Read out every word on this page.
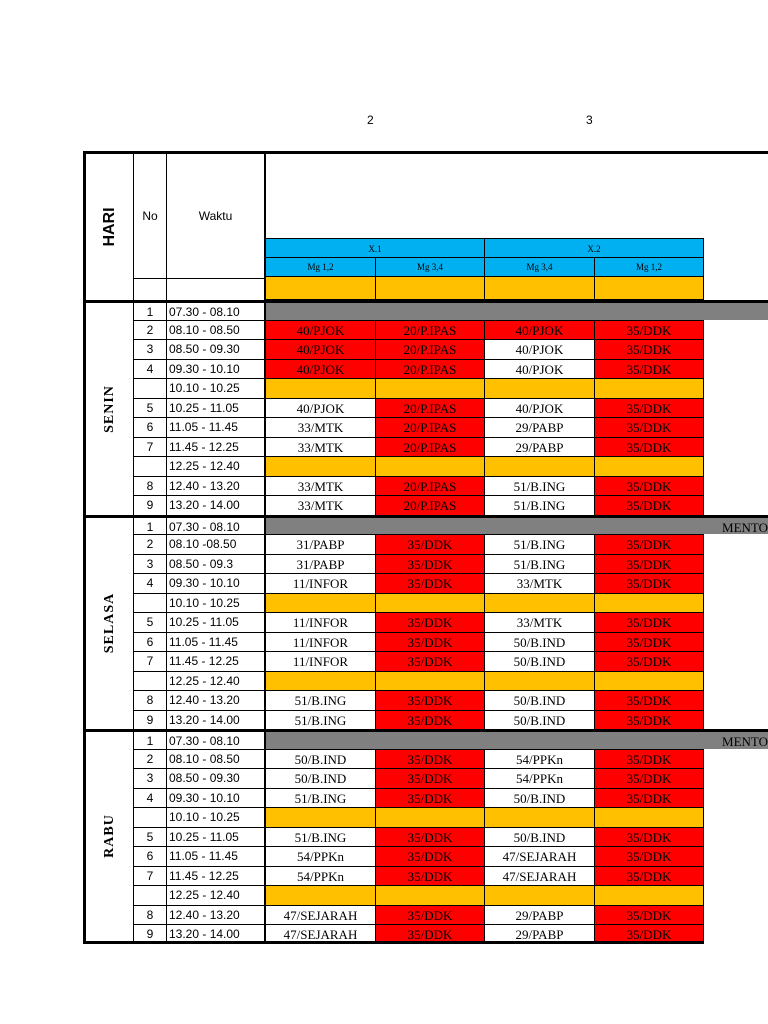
2	3
HARI	No	Waktu
X.1
Mg 1,2	Mg 3,4
X.2
Mg 3,4	Mg 1,2
SENIN
1	07.30 - 08.10
2	08.10 - 08.50	40/PJOK	20/P.IPAS	40/PJOK	35/DDK
3	08.50 - 09.30	40/PJOK	20/P.IPAS	40/PJOK	35/DDK
4	09.30 - 10.10	40/PJOK	20/P.IPAS	40/PJOK	35/DDK
10.10 - 10.25
5	10.25 - 11.05	40/PJOK	20/P.IPAS	40/PJOK	35/DDK
6	11.05 - 11.45	33/MTK	20/P.IPAS	29/PABP	35/DDK
7	11.45 - 12.25	33/MTK	20/P.IPAS	29/PABP	35/DDK
12.25 - 12.40
8	12.40 - 13.20	33/MTK	20/P.IPAS	51/B.ING	35/DDK
9	13.20 - 14.00	33/MTK	20/P.IPAS	51/B.ING	35/DDK
SELASA
1	07.30 - 08.10	MENTO
2	08.10 -08.50	31/PABP	35/DDK	51/B.ING	35/DDK
3	08.50 - 09.3	31/PABP	35/DDK	51/B.ING	35/DDK
4	09.30 - 10.10	11/INFOR	35/DDK	33/MTK	35/DDK
10.10 - 10.25
5	10.25 - 11.05	11/INFOR	35/DDK	33/MTK	35/DDK
6	11.05 - 11.45	11/INFOR	35/DDK	50/B.IND	35/DDK
7	11.45 - 12.25	11/INFOR	35/DDK	50/B.IND	35/DDK
12.25 - 12.40
8	12.40 - 13.20	51/B.ING	35/DDK	50/B.IND	35/DDK
9	13.20 - 14.00	51/B.ING	35/DDK	50/B.IND	35/DDK
RABU
1	07.30 - 08.10	MENTO
2	08.10 - 08.50	50/B.IND	35/DDK	54/PPKn	35/DDK
3	08.50 - 09.30	50/B.IND	35/DDK	54/PPKn	35/DDK
4	09.30 - 10.10	51/B.ING	35/DDK	50/B.IND	35/DDK
10.10 - 10.25
5	10.25 - 11.05	51/B.ING	35/DDK	50/B.IND	35/DDK
6	11.05 - 11.45	54/PPKn	35/DDK	47/SEJARAH	35/DDK
7	11.45 - 12.25	54/PPKn	35/DDK	47/SEJARAH	35/DDK
12.25 - 12.40
8	12.40 - 13.20	47/SEJARAH	35/DDK	29/PABP	35/DDK
9	13.20 - 14.00	47/SEJARAH	35/DDK	29/PABP	35/DDK
